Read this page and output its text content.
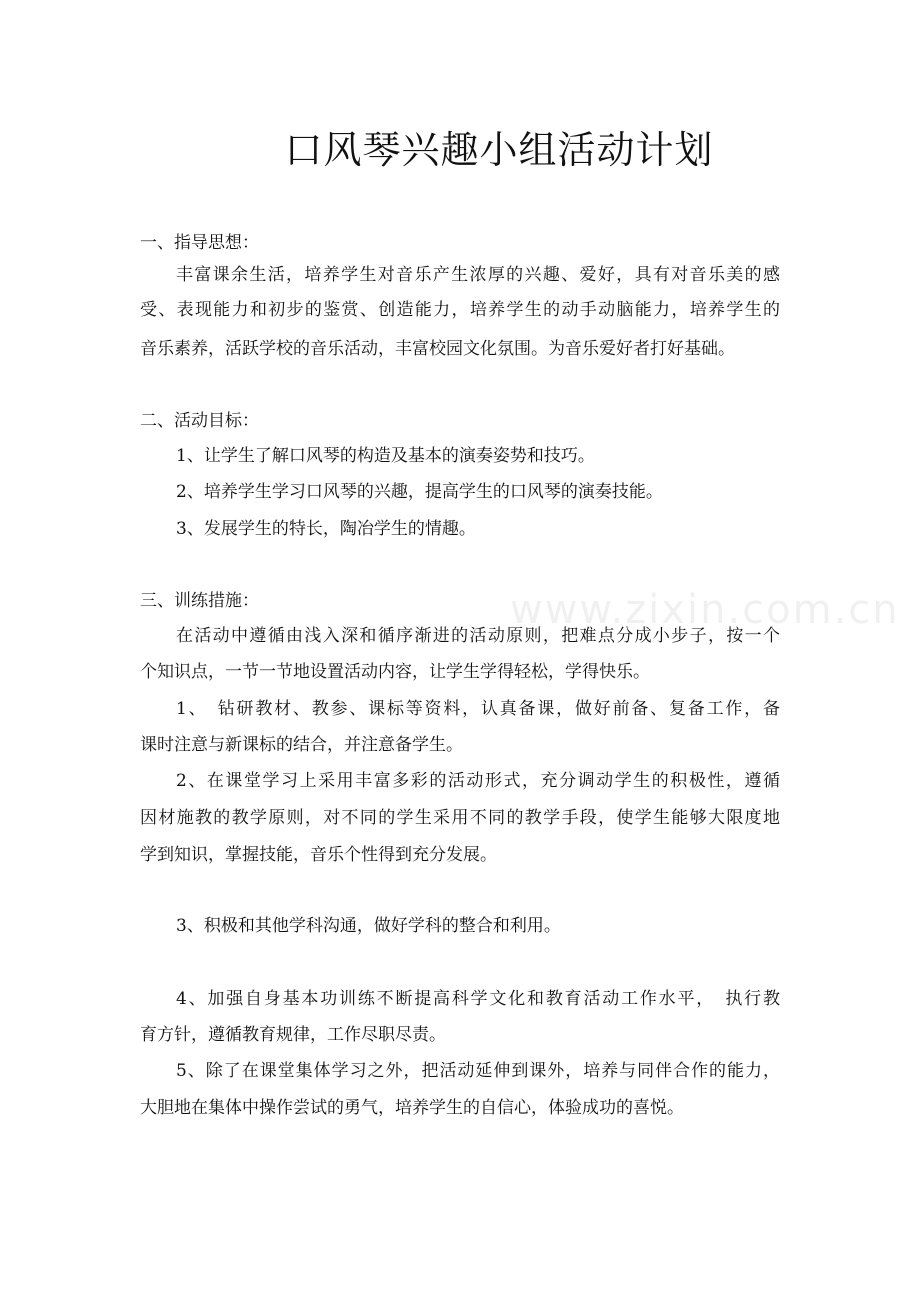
口风琴兴趣小组活动计划
www.zixin.com.cn

一、指导思想：

丰富课余生活，培养学生对音乐产生浓厚的兴趣、爱好，具有对音乐美的感

受、表现能力和初步的鉴赏、创造能力，培养学生的动手动脑能力，培养学生的

音乐素养，活跃学校的音乐活动，丰富校园文化氛围。为音乐爱好者打好基础。

二、活动目标：

1、让学生了解口风琴的构造及基本的演奏姿势和技巧。

2、培养学生学习口风琴的兴趣，提高学生的口风琴的演奏技能。

3、发展学生的特长，陶冶学生的情趣。

三、训练措施：

在活动中遵循由浅入深和循序渐进的活动原则，把难点分成小步子，按一个

个知识点，一节一节地设置活动内容，让学生学得轻松，学得快乐。

1、　钻研教材、教参、课标等资料，认真备课，做好前备、复备工作，备

课时注意与新课标的结合，并注意备学生。

2、在课堂学习上采用丰富多彩的活动形式，充分调动学生的积极性，遵循

因材施教的教学原则，对不同的学生采用不同的教学手段，使学生能够大限度地

学到知识，掌握技能，音乐个性得到充分发展。

3、积极和其他学科沟通，做好学科的整合和利用。

4、加强自身基本功训练不断提高科学文化和教育活动工作水平，　执行教

育方针，遵循教育规律，工作尽职尽责。

5、除了在课堂集体学习之外，把活动延伸到课外，培养与同伴合作的能力，

大胆地在集体中操作尝试的勇气，培养学生的自信心，体验成功的喜悦。
